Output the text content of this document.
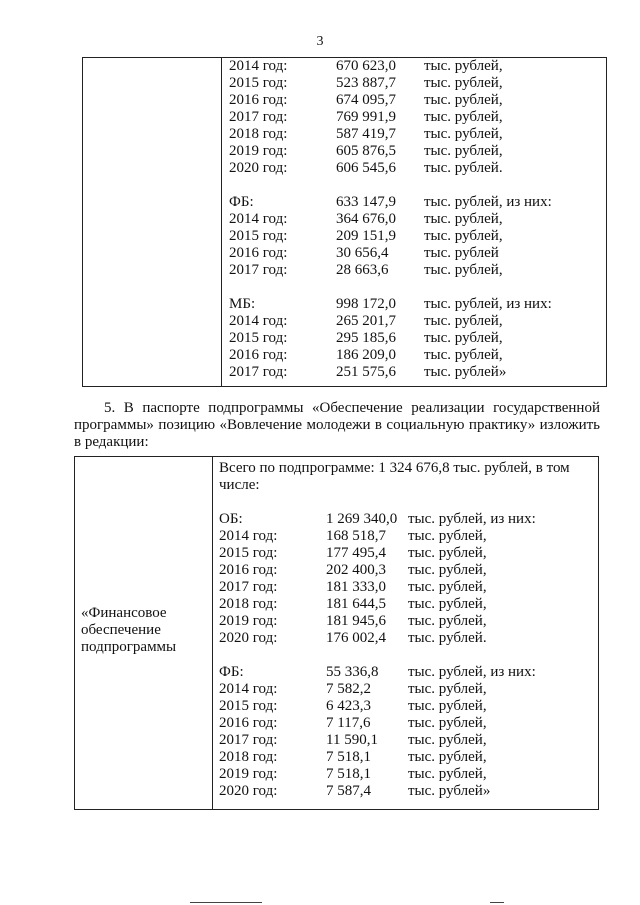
3
2014 год:	670 623,0	тыс. рублей,
2015 год:	523 887,7	тыс. рублей,
2016 год:	674 095,7	тыс. рублей,
2017 год:	769 991,9	тыс. рублей,
2018 год:	587 419,7	тыс. рублей,
2019 год:	605 876,5	тыс. рублей,
2020 год:	606 545,6	тыс. рублей.
ФБ:	633 147,9	тыс. рублей, из них:
2014 год:	364 676,0	тыс. рублей,
2015 год:	209 151,9	тыс. рублей,
2016 год:	30 656,4	тыс. рублей
2017 год:	28 663,6	тыс. рублей,
МБ:	998 172,0	тыс. рублей, из них:
2014 год:	265 201,7	тыс. рублей,
2015 год:	295 185,6	тыс. рублей,
2016 год:	186 209,0	тыс. рублей,
2017 год:	251 575,6	тыс. рублей»
5. В паспорте подпрограммы «Обеспечение реализации государственной программы» позицию «Вовлечение молодежи в социальную практику» изложить в редакции:
«Финансовое обеспечение подпрограммы
Всего по подпрограмме: 1 324 676,8 тыс. рублей, в том числе:
ОБ:	1 269 340,0 тыс. рублей, из них:
2014 год:	168 518,7	тыс. рублей,
2015 год:	177 495,4	тыс. рублей,
2016 год:	202 400,3	тыс. рублей,
2017 год:	181 333,0	тыс. рублей,
2018 год:	181 644,5	тыс. рублей,
2019 год:	181 945,6	тыс. рублей,
2020 год:	176 002,4	тыс. рублей.
ФБ:	55 336,8	тыс. рублей, из них:
2014 год:	7 582,2	тыс. рублей,
2015 год:	6 423,3	тыс. рублей,
2016 год:	7 117,6	тыс. рублей,
2017 год:	11 590,1	тыс. рублей,
2018 год:	7 518,1	тыс. рублей,
2019 год:	7 518,1	тыс. рублей,
2020 год:	7 587,4	тыс. рублей»
